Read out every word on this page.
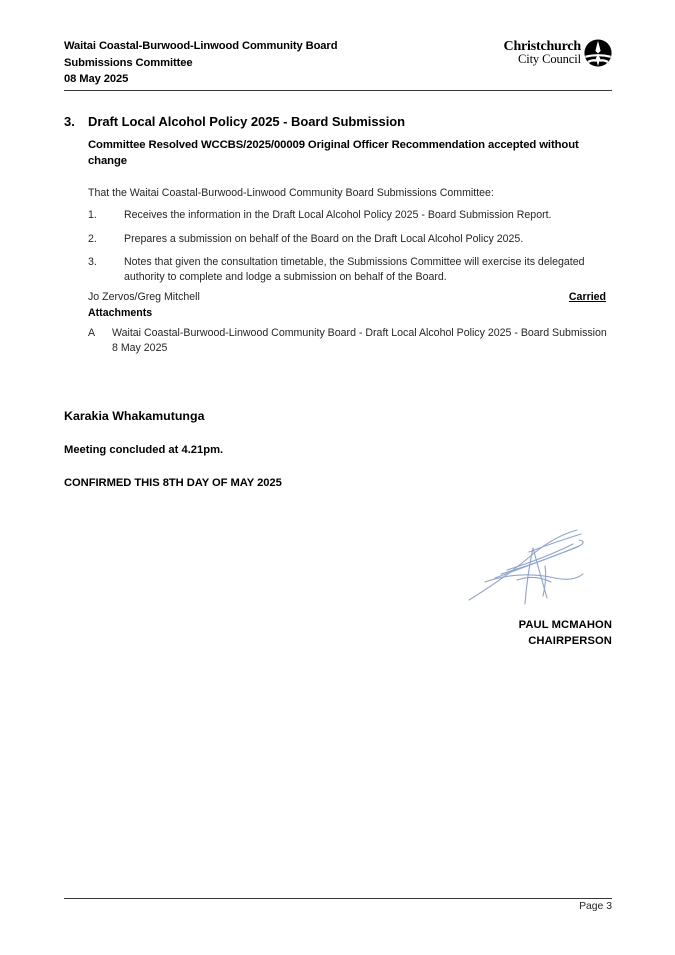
Waitai Coastal-Burwood-Linwood Community Board
Submissions Committee
08 May 2025
Christchurch
City Council
3.	Draft Local Alcohol Policy 2025 - Board Submission
Committee Resolved WCCBS/2025/00009 Original Officer Recommendation accepted without change
That the Waitai Coastal-Burwood-Linwood Community Board Submissions Committee:
1.	Receives the information in the Draft Local Alcohol Policy 2025 - Board Submission Report.
2.	Prepares a submission on behalf of the Board on the Draft Local Alcohol Policy 2025.
3.	Notes that given the consultation timetable, the Submissions Committee will exercise its delegated authority to complete and lodge a submission on behalf of the Board.
Jo Zervos/Greg Mitchell	Carried
Attachments
A	Waitai Coastal-Burwood-Linwood Community Board - Draft Local Alcohol Policy 2025 - Board Submission 8 May 2025
Karakia Whakamutunga
Meeting concluded at 4.21pm.
CONFIRMED THIS 8TH DAY OF MAY 2025
PAUL MCMAHON
CHAIRPERSON
Page 3
